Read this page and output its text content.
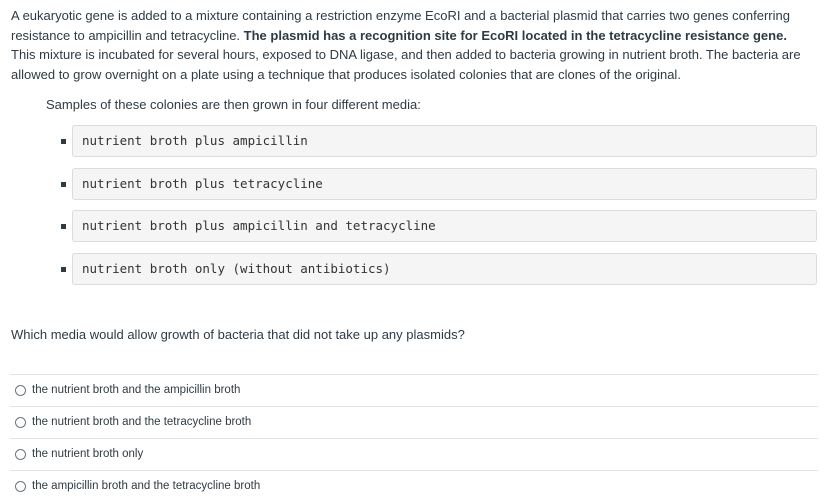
A eukaryotic gene is added to a mixture containing a restriction enzyme EcoRI and a bacterial plasmid that carries two genes conferring resistance to ampicillin and tetracycline. The plasmid has a recognition site for EcoRI located in the tetracycline resistance gene. This mixture is incubated for several hours, exposed to DNA ligase, and then added to bacteria growing in nutrient broth. The bacteria are allowed to grow overnight on a plate using a technique that produces isolated colonies that are clones of the original.

Samples of these colonies are then grown in four different media:

nutrient broth plus ampicillin
nutrient broth plus tetracycline
nutrient broth plus ampicillin and tetracycline
nutrient broth only (without antibiotics)

Which media would allow growth of bacteria that did not take up any plasmids?

the nutrient broth and the ampicillin broth
the nutrient broth and the tetracycline broth
the nutrient broth only
the ampicillin broth and the tetracycline broth
